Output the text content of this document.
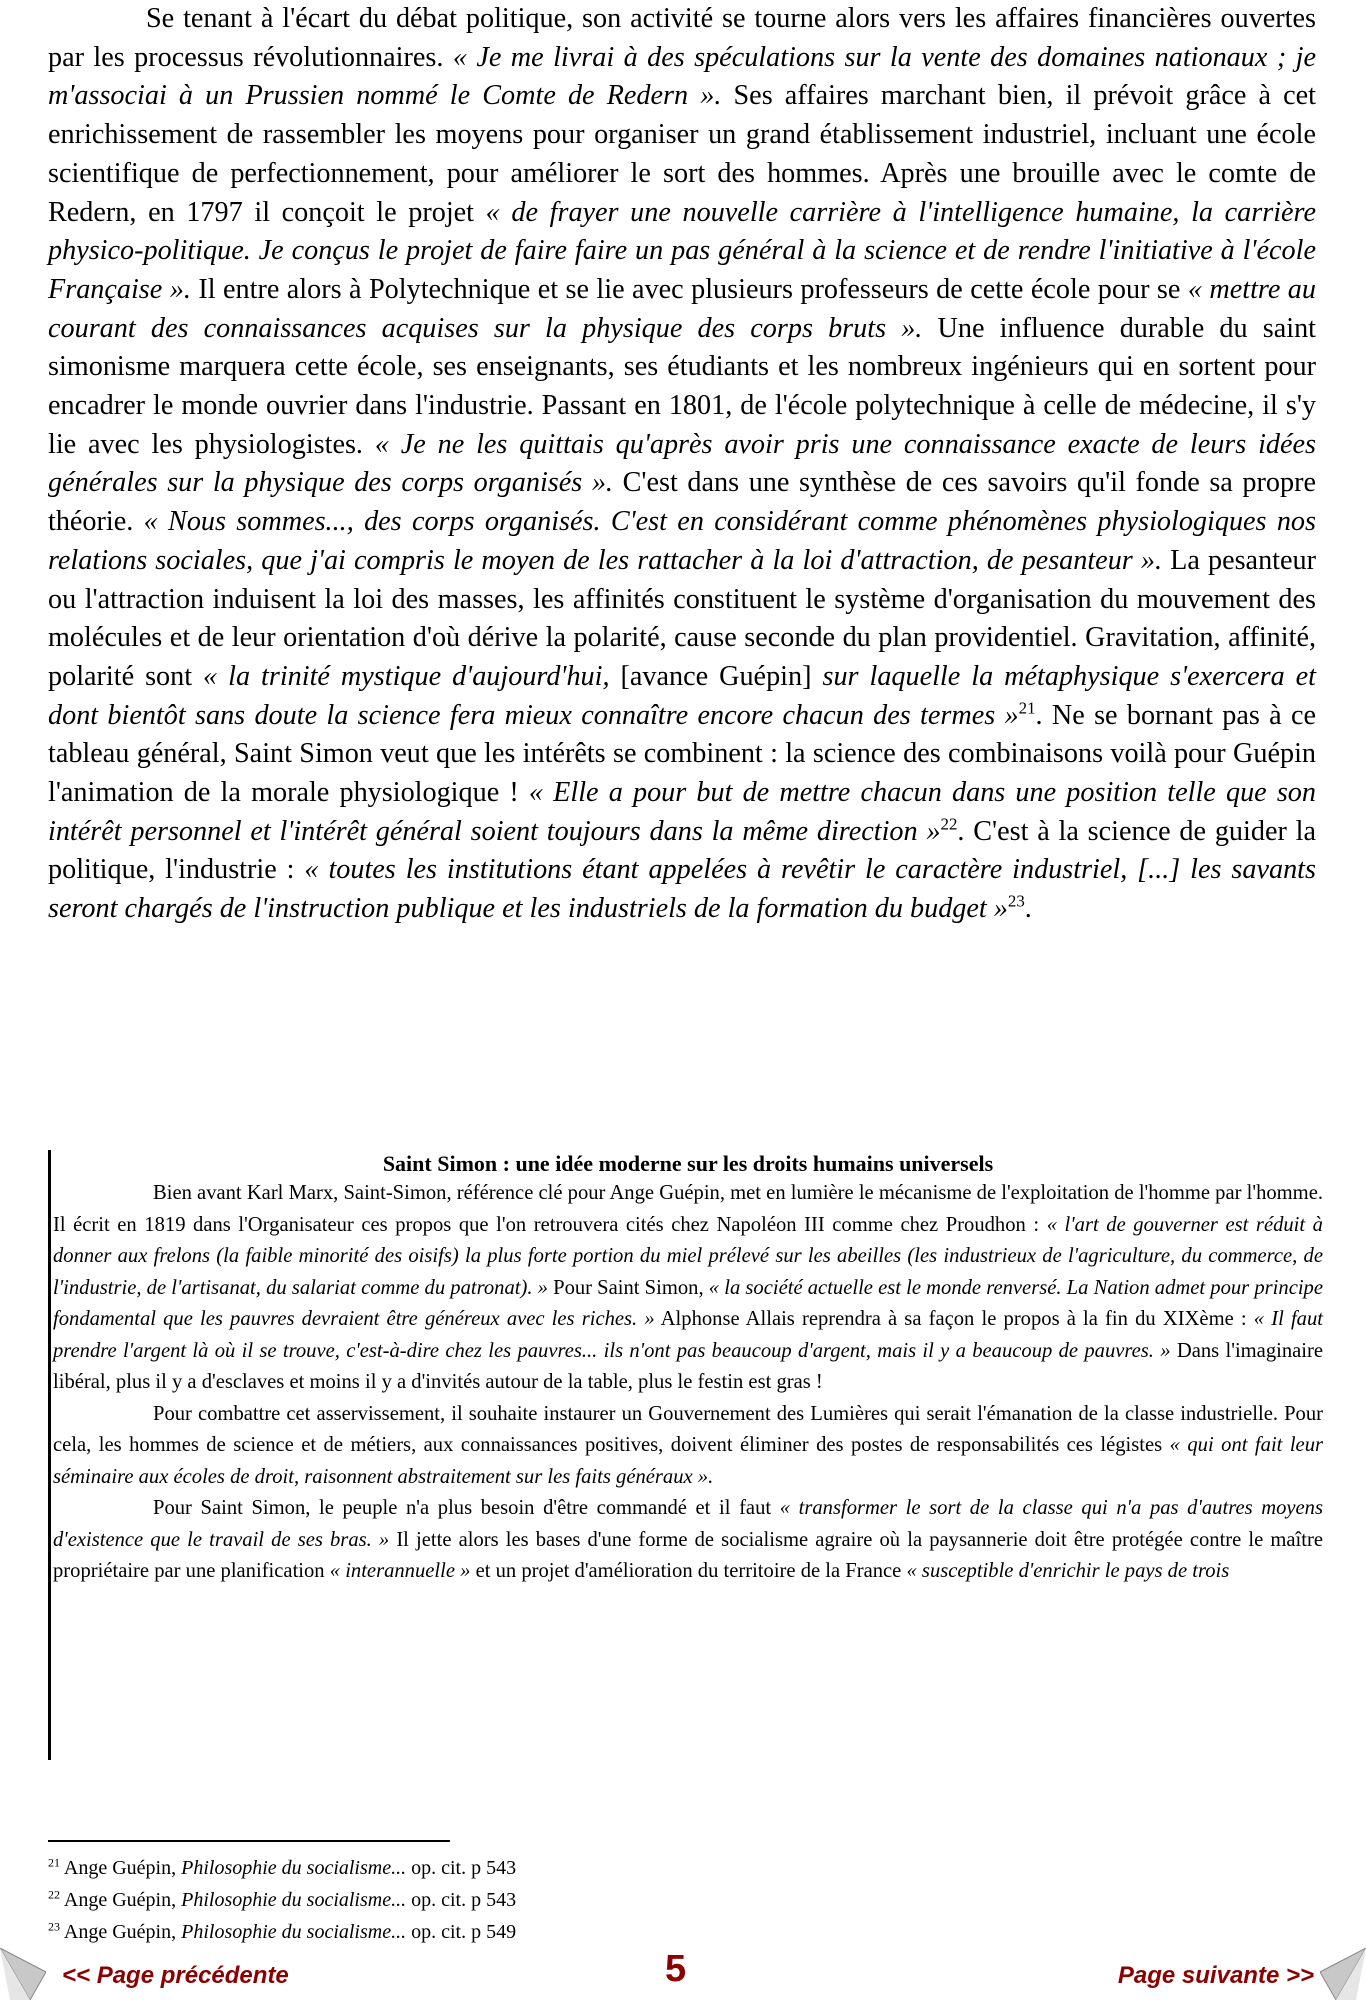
Se tenant à l'écart du débat politique, son activité se tourne alors vers les affaires financières ouvertes par les processus révolutionnaires. « Je me livrai à des spéculations sur la vente des domaines nationaux ; je m'associai à un Prussien nommé le Comte de Redern ». Ses affaires marchant bien, il prévoit grâce à cet enrichissement de rassembler les moyens pour organiser un grand établissement industriel, incluant une école scientifique de perfectionnement, pour améliorer le sort des hommes. Après une brouille avec le comte de Redern, en 1797 il conçoit le projet « de frayer une nouvelle carrière à l'intelligence humaine, la carrière physico-politique. Je conçus le projet de faire faire un pas général à la science et de rendre l'initiative à l'école Française ». Il entre alors à Polytechnique et se lie avec plusieurs professeurs de cette école pour se « mettre au courant des connaissances acquises sur la physique des corps bruts ». Une influence durable du saint simonisme marquera cette école, ses enseignants, ses étudiants et les nombreux ingénieurs qui en sortent pour encadrer le monde ouvrier dans l'industrie. Passant en 1801, de l'école polytechnique à celle de médecine, il s'y lie avec les physiologistes. « Je ne les quittais qu'après avoir pris une connaissance exacte de leurs idées générales sur la physique des corps organisés ». C'est dans une synthèse de ces savoirs qu'il fonde sa propre théorie. « Nous sommes..., des corps organisés. C'est en considérant comme phénomènes physiologiques nos relations sociales, que j'ai compris le moyen de les rattacher à la loi d'attraction, de pesanteur ». La pesanteur ou l'attraction induisent la loi des masses, les affinités constituent le système d'organisation du mouvement des molécules et de leur orientation d'où dérive la polarité, cause seconde du plan providentiel. Gravitation, affinité, polarité sont « la trinité mystique d'aujourd'hui, [avance Guépin] sur laquelle la métaphysique s'exercera et dont bientôt sans doute la science fera mieux connaître encore chacun des termes »$^{21}$. Ne se bornant pas à ce tableau général, Saint Simon veut que les intérêts se combinent : la science des combinaisons voilà pour Guépin l'animation de la morale physiologique ! « Elle a pour but de mettre chacun dans une position telle que son intérêt personnel et l'intérêt général soient toujours dans la même direction »$^{22}$. C'est à la science de guider la politique, l'industrie : « toutes les institutions étant appelées à revêtir le caractère industriel, [...] les savants seront chargés de l'instruction publique et les industriels de la formation du budget »$^{23}$.

Saint Simon : une idée moderne sur les droits humains universels

Bien avant Karl Marx, Saint-Simon, référence clé pour Ange Guépin, met en lumière le mécanisme de l'exploitation de l'homme par l'homme. Il écrit en 1819 dans l'Organisateur ces propos que l'on retrouvera cités chez Napoléon III comme chez Proudhon : « l'art de gouverner est réduit à donner aux frelons (la faible minorité des oisifs) la plus forte portion du miel prélevé sur les abeilles (les industrieux de l'agriculture, du commerce, de l'industrie, de l'artisanat, du salariat comme du patronat). » Pour Saint Simon, « la société actuelle est le monde renversé. La Nation admet pour principe fondamental que les pauvres devraient être généreux avec les riches. » Alphonse Allais reprendra à sa façon le propos à la fin du XIXème : « Il faut prendre l'argent là où il se trouve, c'est-à-dire chez les pauvres... ils n'ont pas beaucoup d'argent, mais il y a beaucoup de pauvres. » Dans l'imaginaire libéral, plus il y a d'esclaves et moins il y a d'invités autour de la table, plus le festin est gras !
Pour combattre cet asservissement, il souhaite instaurer un Gouvernement des Lumières qui serait l'émanation de la classe industrielle. Pour cela, les hommes de science et de métiers, aux connaissances positives, doivent éliminer des postes de responsabilités ces légistes « qui ont fait leur séminaire aux écoles de droit, raisonnent abstraitement sur les faits généraux ».
Pour Saint Simon, le peuple n'a plus besoin d'être commandé et il faut « transformer le sort de la classe qui n'a pas d'autres moyens d'existence que le travail de ses bras. » Il jette alors les bases d'une forme de socialisme agraire où la paysannerie doit être protégée contre le maître propriétaire par une planification « interannuelle » et un projet d'amélioration du territoire de la France « susceptible d'enrichir le pays de trois
$^{21}$ Ange Guépin, Philosophie du socialisme... op. cit. p 543
$^{22}$ Ange Guépin, Philosophie du socialisme... op. cit. p 543
$^{23}$ Ange Guépin, Philosophie du socialisme... op. cit. p 549
<< Page précédente	5	Page suivante >>
